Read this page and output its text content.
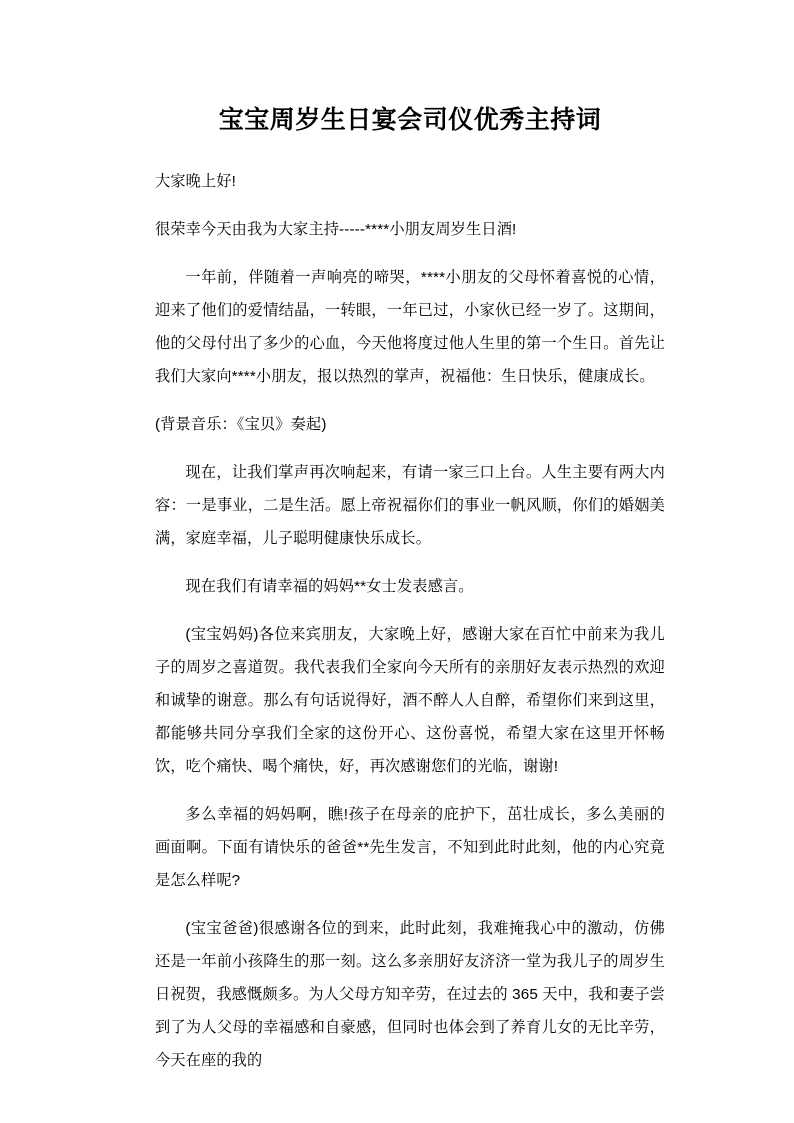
宝宝周岁生日宴会司仪优秀主持词

大家晚上好!

很荣幸今天由我为大家主持-----****小朋友周岁生日酒!

一年前，伴随着一声响亮的啼哭，****小朋友的父母怀着喜悦的心情，迎来了他们的爱情结晶，一转眼，一年已过，小家伙已经一岁了。这期间，他的父母付出了多少的心血，今天他将度过他人生里的第一个生日。首先让我们大家向****小朋友，报以热烈的掌声，祝福他：生日快乐，健康成长。

(背景音乐：《宝贝》奏起)

现在，让我们掌声再次响起来，有请一家三口上台。人生主要有两大内容：一是事业，二是生活。愿上帝祝福你们的事业一帆风顺，你们的婚姻美满，家庭幸福，儿子聪明健康快乐成长。

现在我们有请幸福的妈妈**女士发表感言。

(宝宝妈妈)各位来宾朋友，大家晚上好，感谢大家在百忙中前来为我儿子的周岁之喜道贺。我代表我们全家向今天所有的亲朋好友表示热烈的欢迎和诚挚的谢意。那么有句话说得好，酒不醉人人自醉，希望你们来到这里，都能够共同分享我们全家的这份开心、这份喜悦，希望大家在这里开怀畅饮，吃个痛快、喝个痛快，好，再次感谢您们的光临，谢谢!

多么幸福的妈妈啊，瞧!孩子在母亲的庇护下，茁壮成长，多么美丽的画面啊。下面有请快乐的爸爸**先生发言，不知到此时此刻，他的内心究竟是怎么样呢?

(宝宝爸爸)很感谢各位的到来，此时此刻，我难掩我心中的激动，仿佛还是一年前小孩降生的那一刻。这么多亲朋好友济济一堂为我儿子的周岁生日祝贺，我感慨颇多。为人父母方知辛劳，在过去的 365 天中，我和妻子尝到了为人父母的幸福感和自豪感，但同时也体会到了养育儿女的无比辛劳，今天在座的我的
